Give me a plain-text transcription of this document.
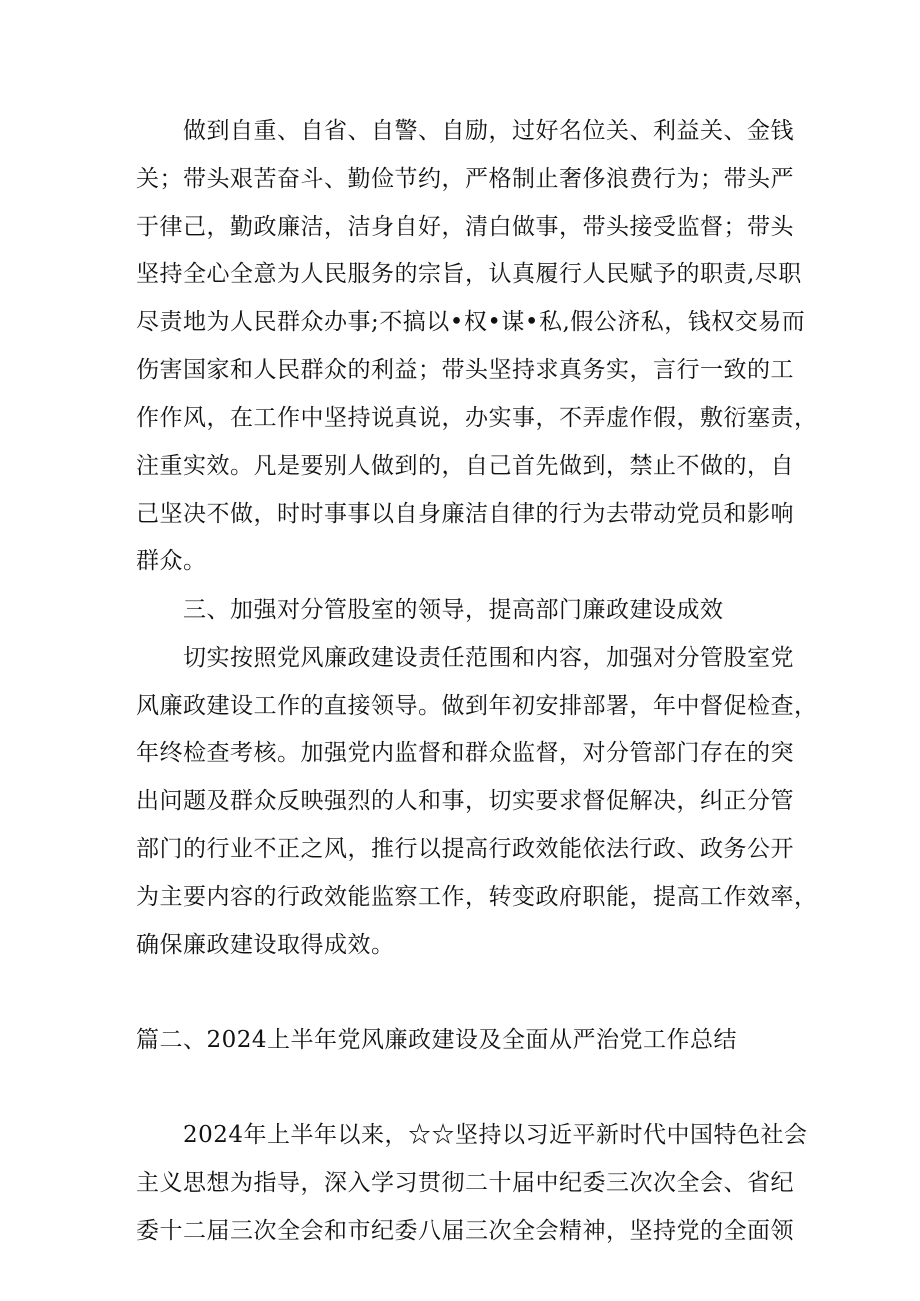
做到自重、自省、自警、自励，过好名位关、利益关、金钱
关；带头艰苦奋斗、勤俭节约，严格制止奢侈浪费行为；带头严
于律己，勤政廉洁，洁身自好，清白做事，带头接受监督；带头
坚持全心全意为人民服务的宗旨，认真履行人民赋予的职责,尽职
尽责地为人民群众办事;不搞以•权•谋•私,假公济私，钱权交易而
伤害国家和人民群众的利益；带头坚持求真务实，言行一致的工
作作风，在工作中坚持说真说，办实事，不弄虚作假，敷衍塞责，
注重实效。凡是要别人做到的，自己首先做到，禁止不做的，自
己坚决不做，时时事事以自身廉洁自律的行为去带动党员和影响
群众。
三、加强对分管股室的领导，提高部门廉政建设成效
切实按照党风廉政建设责任范围和内容，加强对分管股室党
风廉政建设工作的直接领导。做到年初安排部署，年中督促检查，
年终检查考核。加强党内监督和群众监督，对分管部门存在的突
出问题及群众反映强烈的人和事，切实要求督促解决，纠正分管
部门的行业不正之风，推行以提高行政效能依法行政、政务公开
为主要内容的行政效能监察工作，转变政府职能，提高工作效率，
确保廉政建设取得成效。
篇二、2024上半年党风廉政建设及全面从严治党工作总结
2024年上半年以来，☆☆坚持以习近平新时代中国特色社会
主义思想为指导，深入学习贯彻二十届中纪委三次次全会、省纪
委十二届三次全会和市纪委八届三次全会精神，坚持党的全面领
